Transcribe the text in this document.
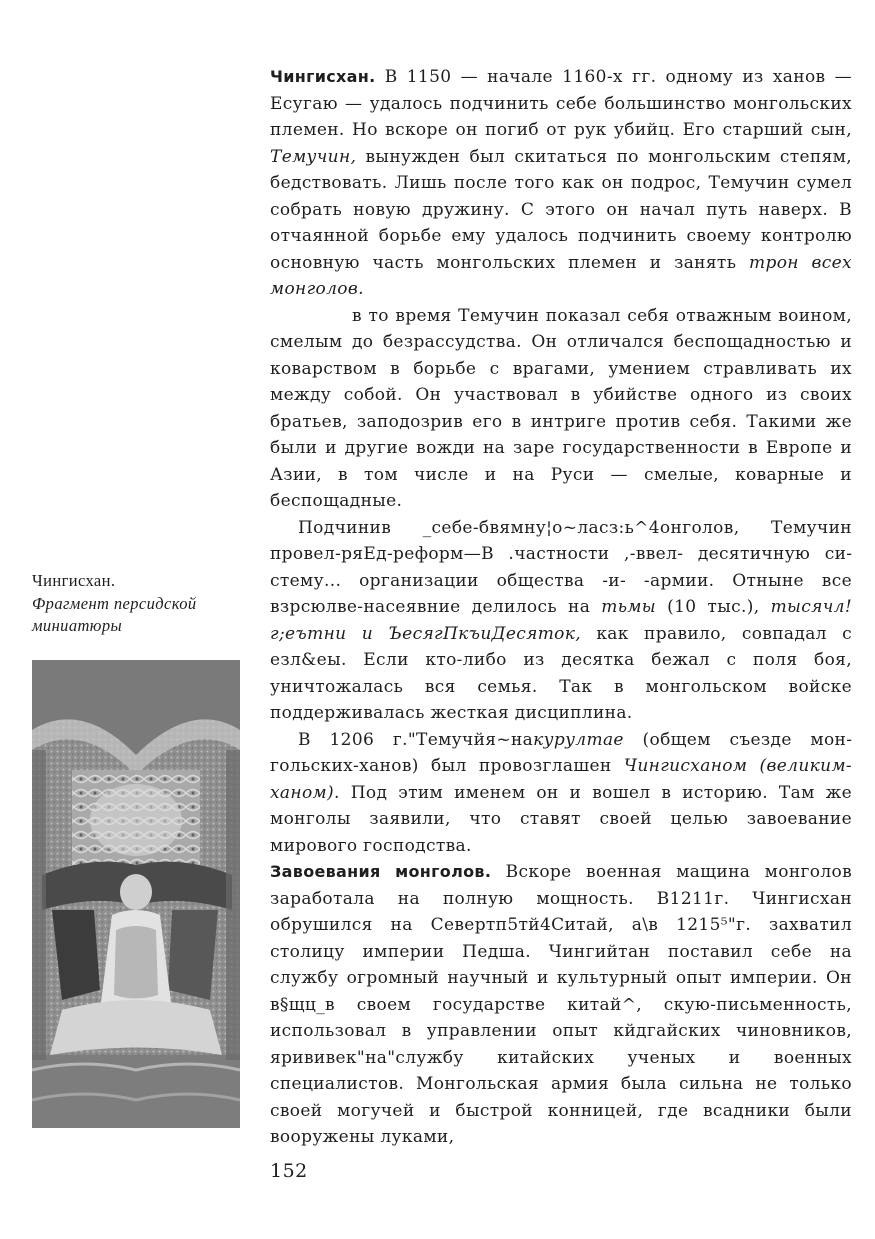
Чингисхан.
Фрагмент персидской миниатюры

Чингисхан. В 1150 — начале 1160-х гг. одному из ханов — Есугаю — удалось подчинить себе большинство монгольских племен. Но вскоре он погиб от рук убийц. Его старший сын, Темучин, вынужден был скитаться по монгольским степям, бедствовать. Лишь после того как он подрос, Темучин сумел собрать новую дружину. С этого он начал путь наверх. В отчаянной борьбе ему удалось подчинить своему контролю основную часть монгольских племен и занять трон всех монголов.

в то время Темучин показал себя отважным воином, смелым до безрассудства. Он отличался беспощадностью и коварством в борьбе с врагами, умением стравливать их между собой. Он участвовал в убийстве одного из своих братьев, заподозрив его в интриге против себя. Такими же были и другие вожди на заре государственности в Европе и Азии, в том числе и на Руси — смелые, коварные и беспощадные.

Подчинив _себе-бвямну¦о~ласз:ь^4онголов, Темучин провел-ряЕд-реформ—В .частности ,-ввел- десятичную систему... организации общества -и- -армии. Отныне все взрсюлве-насеявние делилось на тьмы (10 тыс.), тысячл!г;еътни и ЪесягПкъиДесяток, как правило, совпадал с езл&еы. Если кто-либо из десятка бежал с поля боя, уничтожалась вся семья. Так в монгольском войске поддерживалась жесткая дисциплина.

В 1206 г."Темучйя~накурултае (общем съезде монгольских-ханов) был провозглашен Чингисханом (великим-ханом). Под этим именем он и вошел в историю. Там же монголы заявили, что ставят своей целью завоевание мирового господства.

Завоевания монголов. Вскоре военная мащина монголов заработала на полную мощность. В1211г. Чингисхан обрушился на Севертп5тй4Ситай, а\в 1215⁵"г. захватил столицу империи Педша. Чингийтан поставил себе на службу огромный научный и культурный опыт империи. Он в§щц_в своем государстве китай^, скую-письменность, использовал в управлении опыт кйдгайских чиновников, ярививек"на"службу китайских ученых и военных специалистов. Монгольская армия была сильна не только своей могучей и быстрой конницей, где всадники были вооружены луками,

152
